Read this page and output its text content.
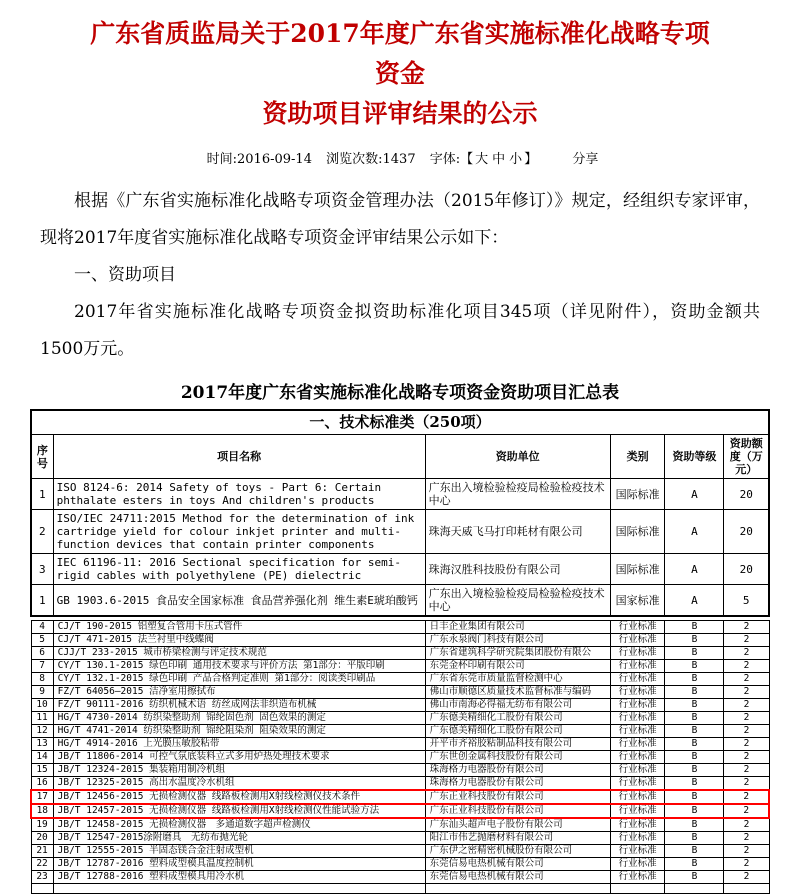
广东省质监局关于2017年度广东省实施标准化战略专项资金
资助项目评审结果的公示
时间:2016-09-14 浏览次数:1437 字体:【 大 中 小 】	分享

根据《广东省实施标准化战略专项资金管理办法（2015年修订）》规定，经组织专家评审，现将2017年度省实施标准化战略专项资金评审结果公示如下：

一、资助项目

2017年省实施标准化战略专项资金拟资助标准化项目345项（详见附件），资助金额共1500万元。

2017年度广东省实施标准化战略专项资金资助项目汇总表
一、技术标准类（250项）					
序号	项目名称	资助单位	类别	资助等级	资助额度（万元）
1	ISO 8124-6: 2014 Safety of toys - Part 6: Certain phthalate esters in toys And children's products	广东出入境检验检疫局检验检疫技术中心	国际标准	A	20
2	ISO/IEC 24711:2015 Method for the determination of ink cartridge yield for colour inkjet printer and multi-function devices that contain printer components	珠海天威飞马打印耗材有限公司	国际标准	A	20
3	IEC 61196-11: 2016 Sectional specification for semi-rigid cables with polyethylene (PE) dielectric	珠海汉胜科技股份有限公司	国际标准	A	20
1	GB 1903.6-2015 食品安全国家标准 食品营养强化剂 维生素E琥珀酸钙	广东出入境检验检疫局检验检疫技术中心	国家标准	A	5
4	CJ/T 190-2015 铝塑复合管用卡压式管件	日丰企业集团有限公司	行业标准	B	2
5	CJ/T 471-2015 法兰衬里中线蝶阀	广东永泉阀门科技有限公司	行业标准	B	2
6	CJJ/T 233-2015 城市桥梁检测与评定技术规范	广东省建筑科学研究院集团股份有限公	行业标准	B	2
7	CY/T 130.1-2015 绿色印刷 通用技术要求与评价方法 第1部分：平版印刷	东莞金杯印刷有限公司	行业标准	B	2
8	CY/T 132.1-2015 绿色印刷 产品合格判定准则 第1部分：阅读类印刷品	广东省东莞市质量监督检测中心	行业标准	B	2
9	FZ/T 64056—2015 洁净室用擦拭布	佛山市顺德区质量技术监督标准与编码	行业标准	B	2
10	FZ/T 90111-2016 纺织机械术语 纺丝成网法非织造布机械	佛山市南海必得福无纺布有限公司	行业标准	B	2
11	HG/T 4730-2014 纺织染整助剂 锦纶固色剂 固色效果的测定	广东德美精细化工股份有限公司	行业标准	B	2
12	HG/T 4741-2014 纺织染整助剂 锦纶阻染剂 阻染效果的测定	广东德美精细化工股份有限公司	行业标准	B	2
13	HG/T 4914-2016 上光膜压敏胶粘带	开平市齐裕胶粘制品科技有限公司	行业标准	B	2
14	JB/T 11806-2014 可控气氛底装料立式多用炉热处理技术要求	广东世创金属科技股份有限公司	行业标准	B	2
15	JB/T 12324-2015 集装箱用制冷机组	珠海格力电器股份有限公司	行业标准	B	2
16	JB/T 12325-2015 高出水温度冷水机组	珠海格力电器股份有限公司	行业标准	B	2
17	JB/T 12456-2015 无损检测仪器 线路板检测用X射线检测仪技术条件	广东正业科技股份有限公司	行业标准	B	2
18	JB/T 12457-2015 无损检测仪器 线路板检测用X射线检测仪性能试验方法	广东正业科技股份有限公司	行业标准	B	2
19	JB/T 12458-2015 无损检测仪器　多通道数字超声检测仪	广东汕头超声电子股份有限公司	行业标准	B	2
20	JB/T 12547-2015涂附磨具　无纺布抛光轮	阳江市伟艺抛磨材料有限公司	行业标准	B	2
21	JB/T 12555-2015 半固态镁合金注射成型机	广东伊之密精密机械股份有限公司	行业标准	B	2
22	JB/T 12787-2016 塑料成型模具温度控制机	东莞信易电热机械有限公司	行业标准	B	2
23	JB/T 12788-2016 塑料成型模具用冷水机	东莞信易电热机械有限公司	行业标准	B	2
